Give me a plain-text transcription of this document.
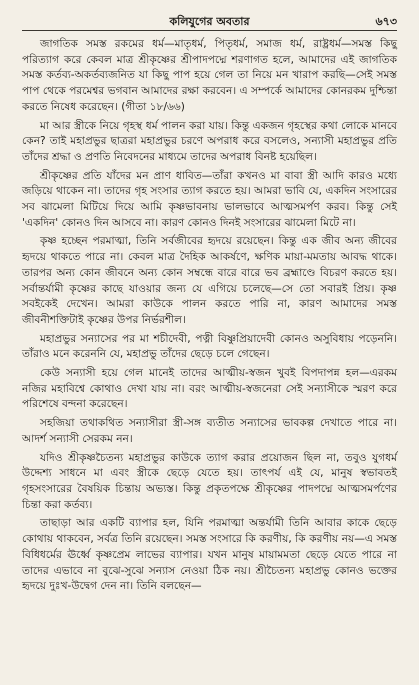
কলিযুগের অবতার	৬৭৩

জাগতিক সমস্ত রকমের ধর্ম—মাতৃধর্ম, পিতৃধর্ম, সমাজ ধর্ম, রাষ্ট্রধর্ম—সমস্ত কিছু পরিত্যাগ করে কেবল মাত্র শ্রীকৃষ্ণের শ্রীপাদপদ্মে শরণাগত হলে, আমাদের এই জাগতিক সমস্ত কর্তব্য-অকর্তব্যজনিত যা কিছু পাপ হয়ে গেল তা নিয়ে মন খারাপ করছি—সেই সমস্ত পাপ থেকে পরমেশ্বর ভগবান আমাদের রক্ষা করবেন। এ সম্পর্কে আমাদের কোনরকম দুশ্চিন্তা করতে নিষেধ করেছেন। (গীতা ১৮/৬৬)

মা আর স্ত্রীকে নিয়ে গৃহস্থ ধর্ম পালন করা যায়। কিন্তু একজন গৃহস্থের কথা লোকে মানবে কেন? তাই মহাপ্রভুর ছাত্ররা মহাপ্রভুর চরণে অপরাধ করে বসলেও, সন্যাসী মহাপ্রভুর প্রতি তাঁদের শ্রদ্ধা ও প্রণতি নিবেদনের মাধ্যমে তাদের অপরাধ বিনষ্ট হয়েছিল।

শ্রীকৃষ্ণের প্রতি যাঁদের মন প্রাণ ধাবিত—তাঁরা কখনও মা বাবা স্ত্রী আদি কারও মধ্যে জড়িয়ে থাকেন না। তাদের গৃহ সংসার ত্যাগ করতে হয়। আমরা ভাবি যে, একদিন সংসারের সব ঝামেলা মিটিয়ে দিয়ে আমি কৃষ্ণভাবনায় ভালভাবে আত্মসমর্পণ করব। কিন্তু সেই 'একদিন' কোনও দিন আসবে না। কারণ কোনও দিনই সংসারের ঝামেলা মিটে না।

কৃষ্ণ হচ্ছেন পরমাত্মা, তিনি সর্বজীবের হৃদয়ে রয়েছেন। কিন্তু এক জীব অন্য জীবের হৃদয়ে থাকতে পারে না। কেবল মাত্র দৈহিক আকর্ষণে, ক্ষণিক মায়া-মমতায় আবদ্ধ থাকে। তারপর অন্য কোন জীবনে অন্য কোন সম্বন্ধে বারে বারে ভব ব্রহ্মাণ্ডে বিচরণ করতে হয়। সর্বান্তর্যামী কৃষ্ণের কাছে যাওয়ার জন্য যে এগিয়ে চলেছে—সে তো সবারই প্রিয়। কৃষ্ণ সবইকেই দেখেন। আমরা কাউকে পালন করতে পারি না, কারণ আমাদের সমস্ত জীবনীশক্তিটাই কৃষ্ণের উপর নির্ভরশীল।

মহাপ্রভুর সন্যাসের পর মা শচীদেবী, পত্নী বিষ্ণুপ্রিয়াদেবী কোনও অসুবিধায় পড়েননি। তাঁরাও মনে করেননি যে, মহাপ্রভু তাঁদের ছেড়ে চলে গেছেন।

কেউ সন্যাসী হয়ে গেল মানেই তাদের আত্মীয়-স্বজন খুবই বিপদাপন্ন হল—এরকম নজির মহাবিশ্বে কোথাও দেখা যায় না। বরং আত্মীয়-স্বজনেরা সেই সন্যাসীকে স্মরণ করে পরিশেষে বন্দনা করেছেন।

সহজিয়া তথাকথিত সন্যাসীরা স্ত্রী-সঙ্গ ব্যতীত সন্যাসের ভাবকল্প দেখাতে পারে না। আদর্শ সন্যাসী সেরকম নন।

যদিও শ্রীকৃষ্ণচৈতন্য মহাপ্রভুর কাউকে ত্যাগ করার প্রয়োজন ছিল না, তবুও যুগধর্ম উদ্দেশ্য সাধনে মা এবং স্ত্রীকে ছেড়ে যেতে হয়। তাৎপর্য এই যে, মানুষ স্বভাবতই গৃহসংসারের বৈষয়িক চিন্তায় অভ্যস্ত। কিন্তু প্রকৃতপক্ষে শ্রীকৃষ্ণের পাদপদ্মে আত্মসমর্পণের চিন্তা করা কর্তব্য।

তাছাড়া আর একটি ব্যাপার হল, যিনি পরমাত্মা অন্তর্যামী তিনি আবার কাকে ছেড়ে কোথায় থাকবেন, সর্বত্র তিনি রয়েছেন। সমস্ত সংসারে কি করণীয়, কি করণীয় নয়—এ সমস্ত বিধিধর্মের ঊর্ধ্বে কৃষ্ণপ্রেম লাভের ব্যাপার। যখন মানুষ মায়ামমতা ছেড়ে যেতে পারে না তাদের এভাবে না বুঝে-সুঝে সন্যাস নেওয়া ঠিক নয়। শ্রীচৈতন্য মহাপ্রভু কোনও ভক্তের হৃদয়ে দুঃখ-উদ্বেগ দেন না। তিনি বলছেন—
